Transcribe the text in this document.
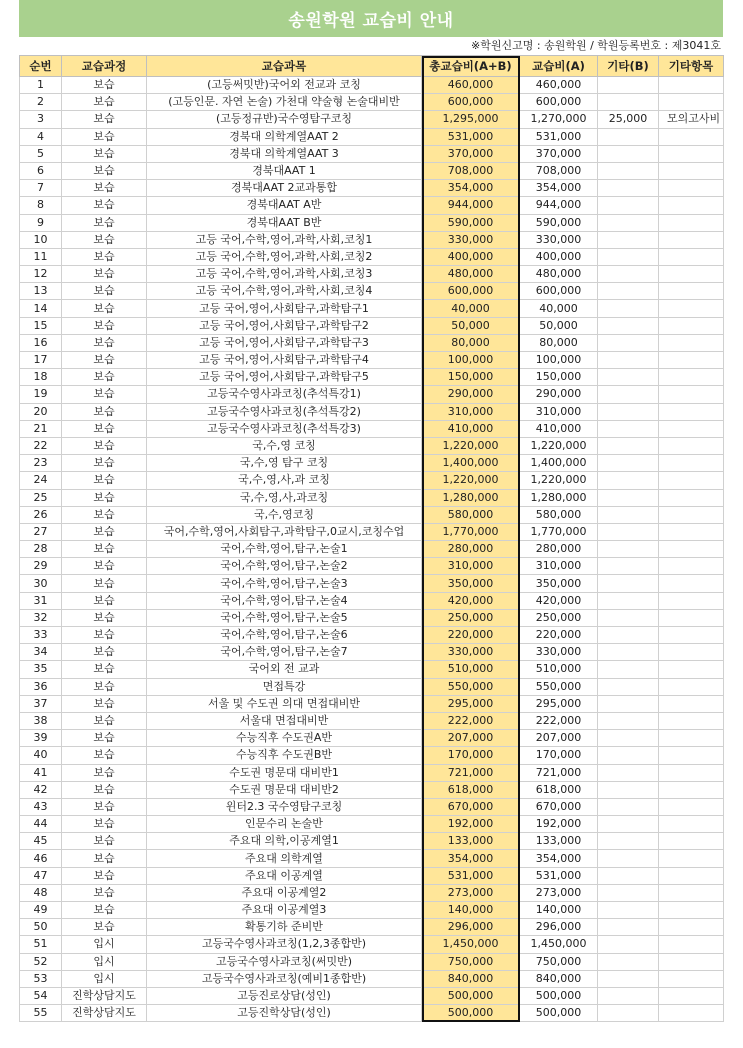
송원학원 교습비 안내
※학원신고명 : 송원학원 / 학원등록번호 : 제3041호
순번	교습과정	교습과목	총교습비(A+B)	교습비(A)	기타(B)	기타항목
1	보습	(고등써밋반)국어외 전교과 코칭	460,000	460,000		
2	보습	(고등인문. 자연 논술) 가천대 약술형 논술대비반	600,000	600,000		
3	보습	(고등정규반)국수영탐구코칭	1,295,000	1,270,000	25,000	모의고사비
4	보습	경북대 의학계열AAT 2	531,000	531,000		
5	보습	경북대 의학계열AAT 3	370,000	370,000		
6	보습	경북대AAT 1	708,000	708,000		
7	보습	경북대AAT 2교과통합	354,000	354,000		
8	보습	경북대AAT A반	944,000	944,000		
9	보습	경북대AAT B반	590,000	590,000		
10	보습	고등 국어,수학,영어,과학,사회,코칭1	330,000	330,000		
11	보습	고등 국어,수학,영어,과학,사회,코칭2	400,000	400,000		
12	보습	고등 국어,수학,영어,과학,사회,코칭3	480,000	480,000		
13	보습	고등 국어,수학,영어,과학,사회,코칭4	600,000	600,000		
14	보습	고등 국어,영어,사회탐구,과학탐구1	40,000	40,000		
15	보습	고등 국어,영어,사회탐구,과학탐구2	50,000	50,000		
16	보습	고등 국어,영어,사회탐구,과학탐구3	80,000	80,000		
17	보습	고등 국어,영어,사회탐구,과학탐구4	100,000	100,000		
18	보습	고등 국어,영어,사회탐구,과학탐구5	150,000	150,000		
19	보습	고등국수영사과코칭(추석특강1)	290,000	290,000		
20	보습	고등국수영사과코칭(추석특강2)	310,000	310,000		
21	보습	고등국수영사과코칭(추석특강3)	410,000	410,000		
22	보습	국,수,영 코칭	1,220,000	1,220,000		
23	보습	국,수,영 탐구 코칭	1,400,000	1,400,000		
24	보습	국,수,영,사,과 코칭	1,220,000	1,220,000		
25	보습	국,수,영,사,과코칭	1,280,000	1,280,000		
26	보습	국,수,영코칭	580,000	580,000		
27	보습	국어,수학,영어,사회탐구,과학탐구,0교시,코칭수업	1,770,000	1,770,000		
28	보습	국어,수학,영어,탐구,논술1	280,000	280,000		
29	보습	국어,수학,영어,탐구,논술2	310,000	310,000		
30	보습	국어,수학,영어,탐구,논술3	350,000	350,000		
31	보습	국어,수학,영어,탐구,논술4	420,000	420,000		
32	보습	국어,수학,영어,탐구,논술5	250,000	250,000		
33	보습	국어,수학,영어,탐구,논술6	220,000	220,000		
34	보습	국어,수학,영어,탐구,논술7	330,000	330,000		
35	보습	국어외 전 교과	510,000	510,000		
36	보습	면접특강	550,000	550,000		
37	보습	서울 및 수도권 의대 면접대비반	295,000	295,000		
38	보습	서울대 면접대비반	222,000	222,000		
39	보습	수능직후 수도권A반	207,000	207,000		
40	보습	수능직후 수도권B반	170,000	170,000		
41	보습	수도권 명문대 대비반1	721,000	721,000		
42	보습	수도권 명문대 대비반2	618,000	618,000		
43	보습	윈터2.3 국수영탐구코칭	670,000	670,000		
44	보습	인문수리 논술반	192,000	192,000		
45	보습	주요대 의학,이공계열1	133,000	133,000		
46	보습	주요대 의학계열	354,000	354,000		
47	보습	주요대 이공계열	531,000	531,000		
48	보습	주요대 이공계열2	273,000	273,000		
49	보습	주요대 이공계열3	140,000	140,000		
50	보습	확통기하 준비반	296,000	296,000		
51	입시	고등국수영사과코칭(1,2,3종합반)	1,450,000	1,450,000		
52	입시	고등국수영사과코칭(써밋반)	750,000	750,000		
53	입시	고등국수영사과코칭(예비1종합반)	840,000	840,000		
54	진학상담지도	고등진로상담(성인)	500,000	500,000		
55	진학상담지도	고등진학상담(성인)	500,000	500,000		
